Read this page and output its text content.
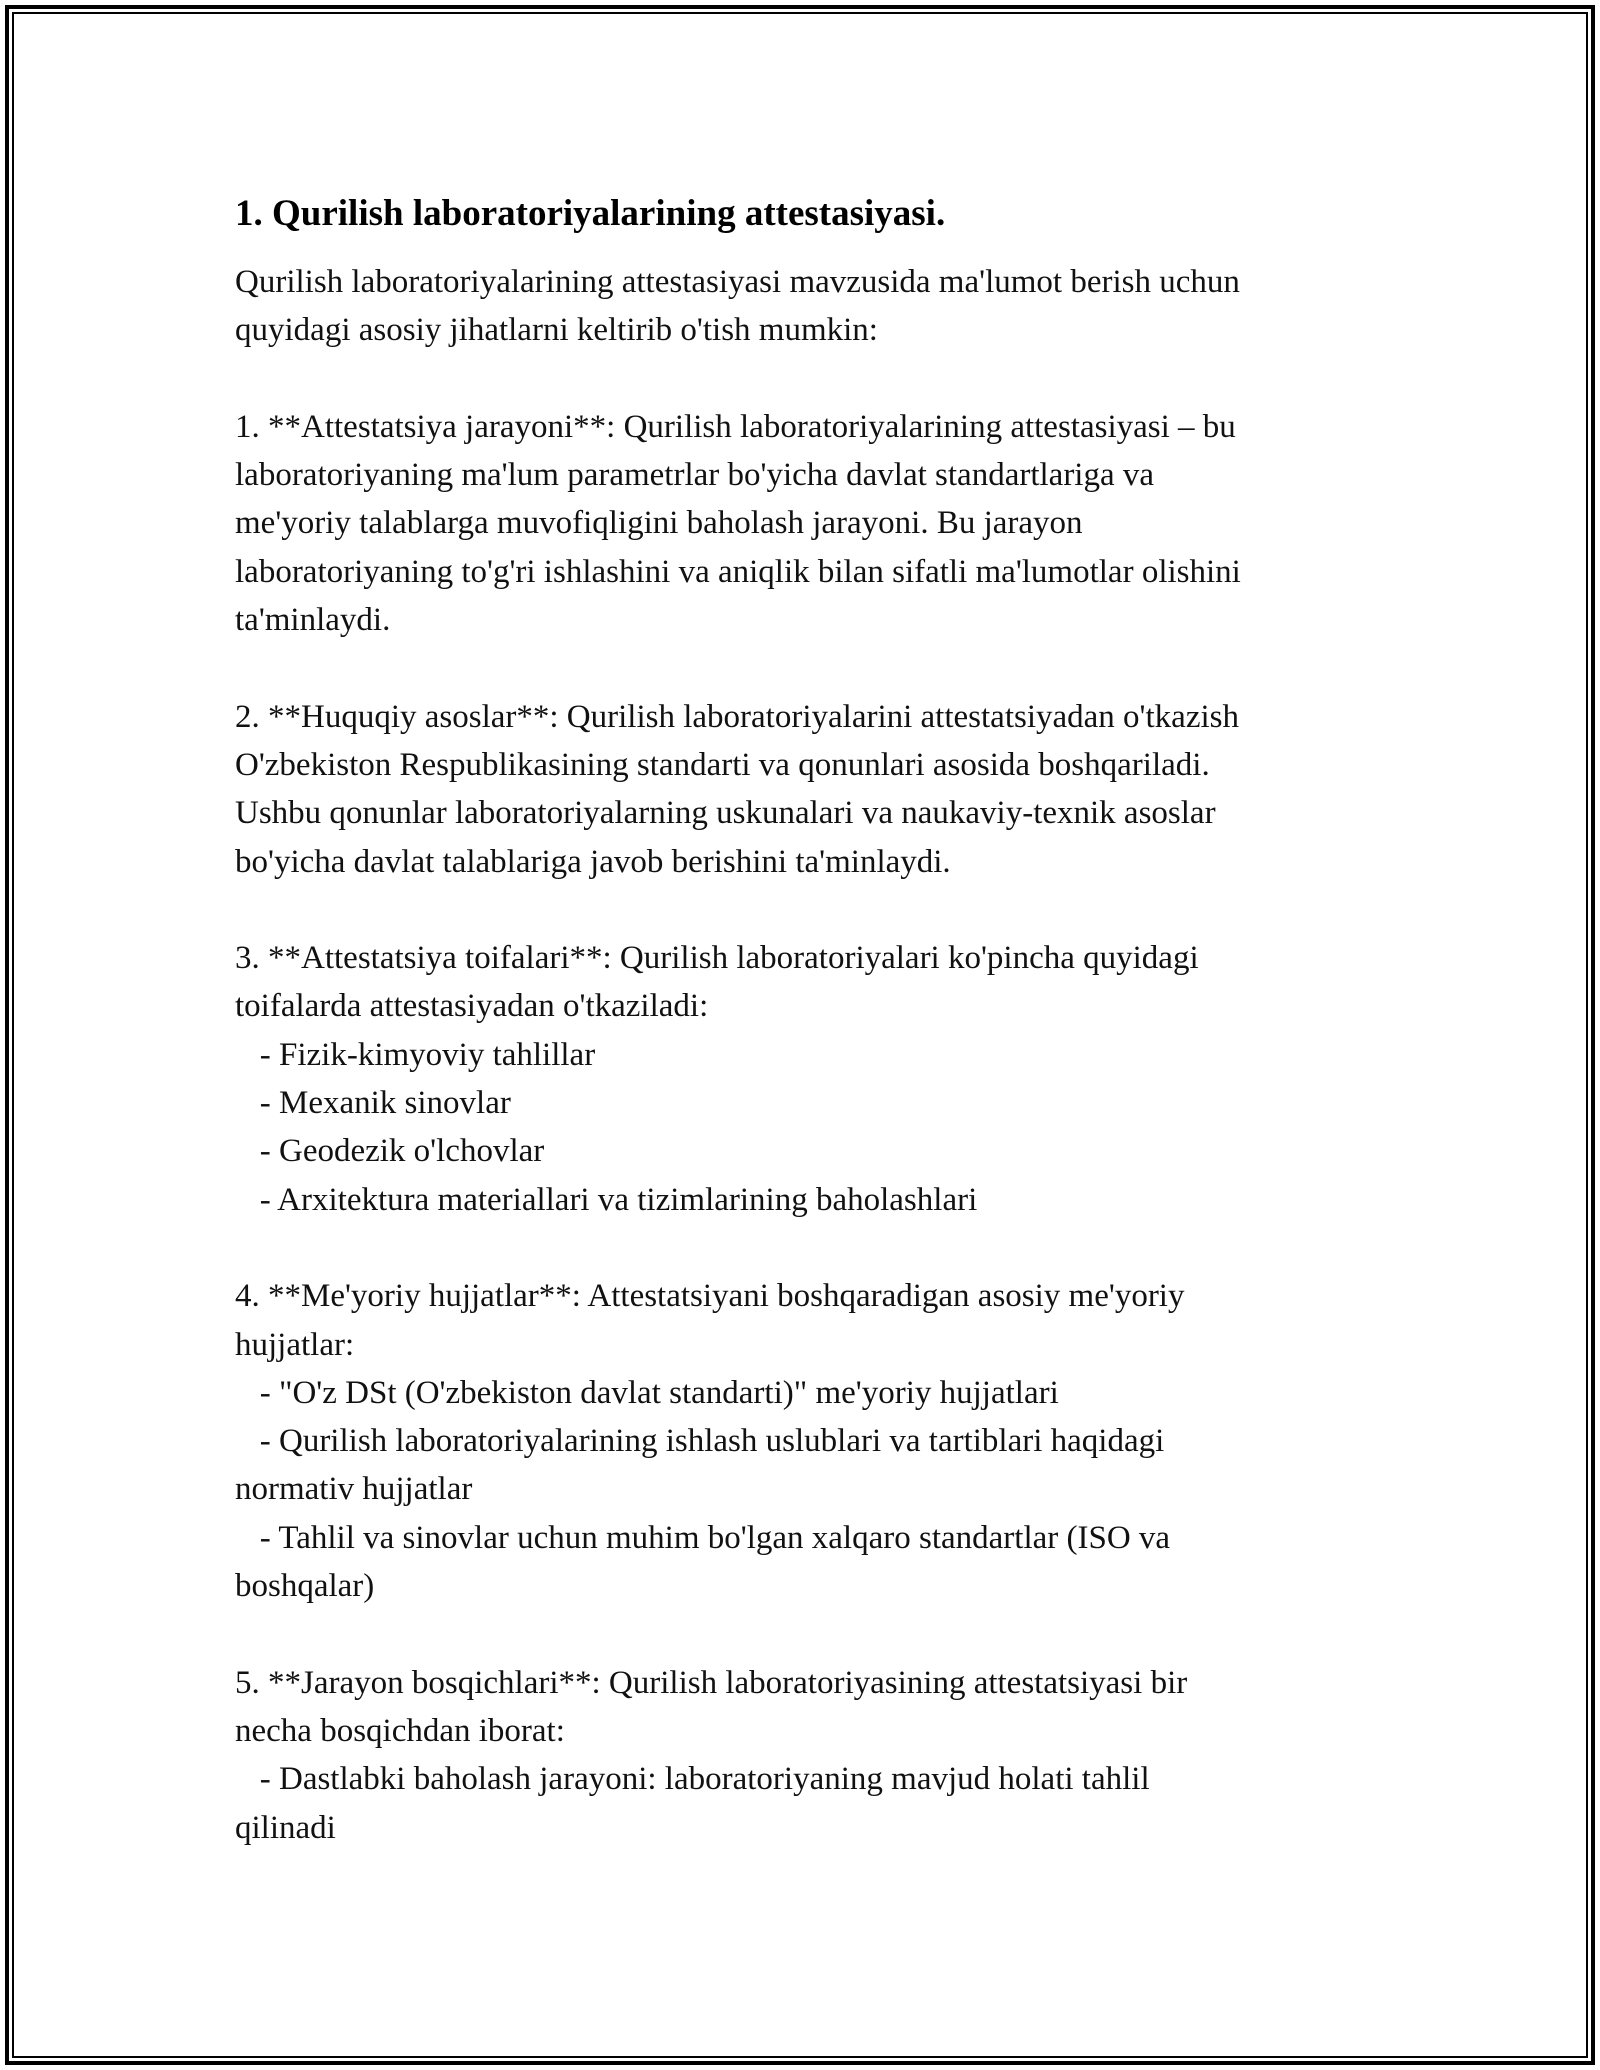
1. Qurilish laboratoriyalarining attestasiyasi.
Qurilish laboratoriyalarining attestasiyasi mavzusida ma'lumot berish uchun
quyidagi asosiy jihatlarni keltirib o'tish mumkin:
1. **Attestatsiya jarayoni**: Qurilish laboratoriyalarining attestasiyasi – bu
laboratoriyaning ma'lum parametrlar bo'yicha davlat standartlariga va
me'yoriy talablarga muvofiqligini baholash jarayoni. Bu jarayon
laboratoriyaning to'g'ri ishlashini va aniqlik bilan sifatli ma'lumotlar olishini
ta'minlaydi.
2. **Huquqiy asoslar**: Qurilish laboratoriyalarini attestatsiyadan o'tkazish
O'zbekiston Respublikasining standarti va qonunlari asosida boshqariladi.
Ushbu qonunlar laboratoriyalarning uskunalari va naukaviy-texnik asoslar
bo'yicha davlat talablariga javob berishini ta'minlaydi.
3. **Attestatsiya toifalari**: Qurilish laboratoriyalari ko'pincha quyidagi
toifalarda attestasiyadan o'tkaziladi:
- Fizik-kimyoviy tahlillar
- Mexanik sinovlar
- Geodezik o'lchovlar
- Arxitektura materiallari va tizimlarining baholashlari
4. **Me'yoriy hujjatlar**: Attestatsiyani boshqaradigan asosiy me'yoriy
hujjatlar:
- "O'z DSt (O'zbekiston davlat standarti)" me'yoriy hujjatlari
- Qurilish laboratoriyalarining ishlash uslublari va tartiblari haqidagi
normativ hujjatlar
- Tahlil va sinovlar uchun muhim bo'lgan xalqaro standartlar (ISO va
boshqalar)
5. **Jarayon bosqichlari**: Qurilish laboratoriyasining attestatsiyasi bir
necha bosqichdan iborat:
- Dastlabki baholash jarayoni: laboratoriyaning mavjud holati tahlil
qilinadi
